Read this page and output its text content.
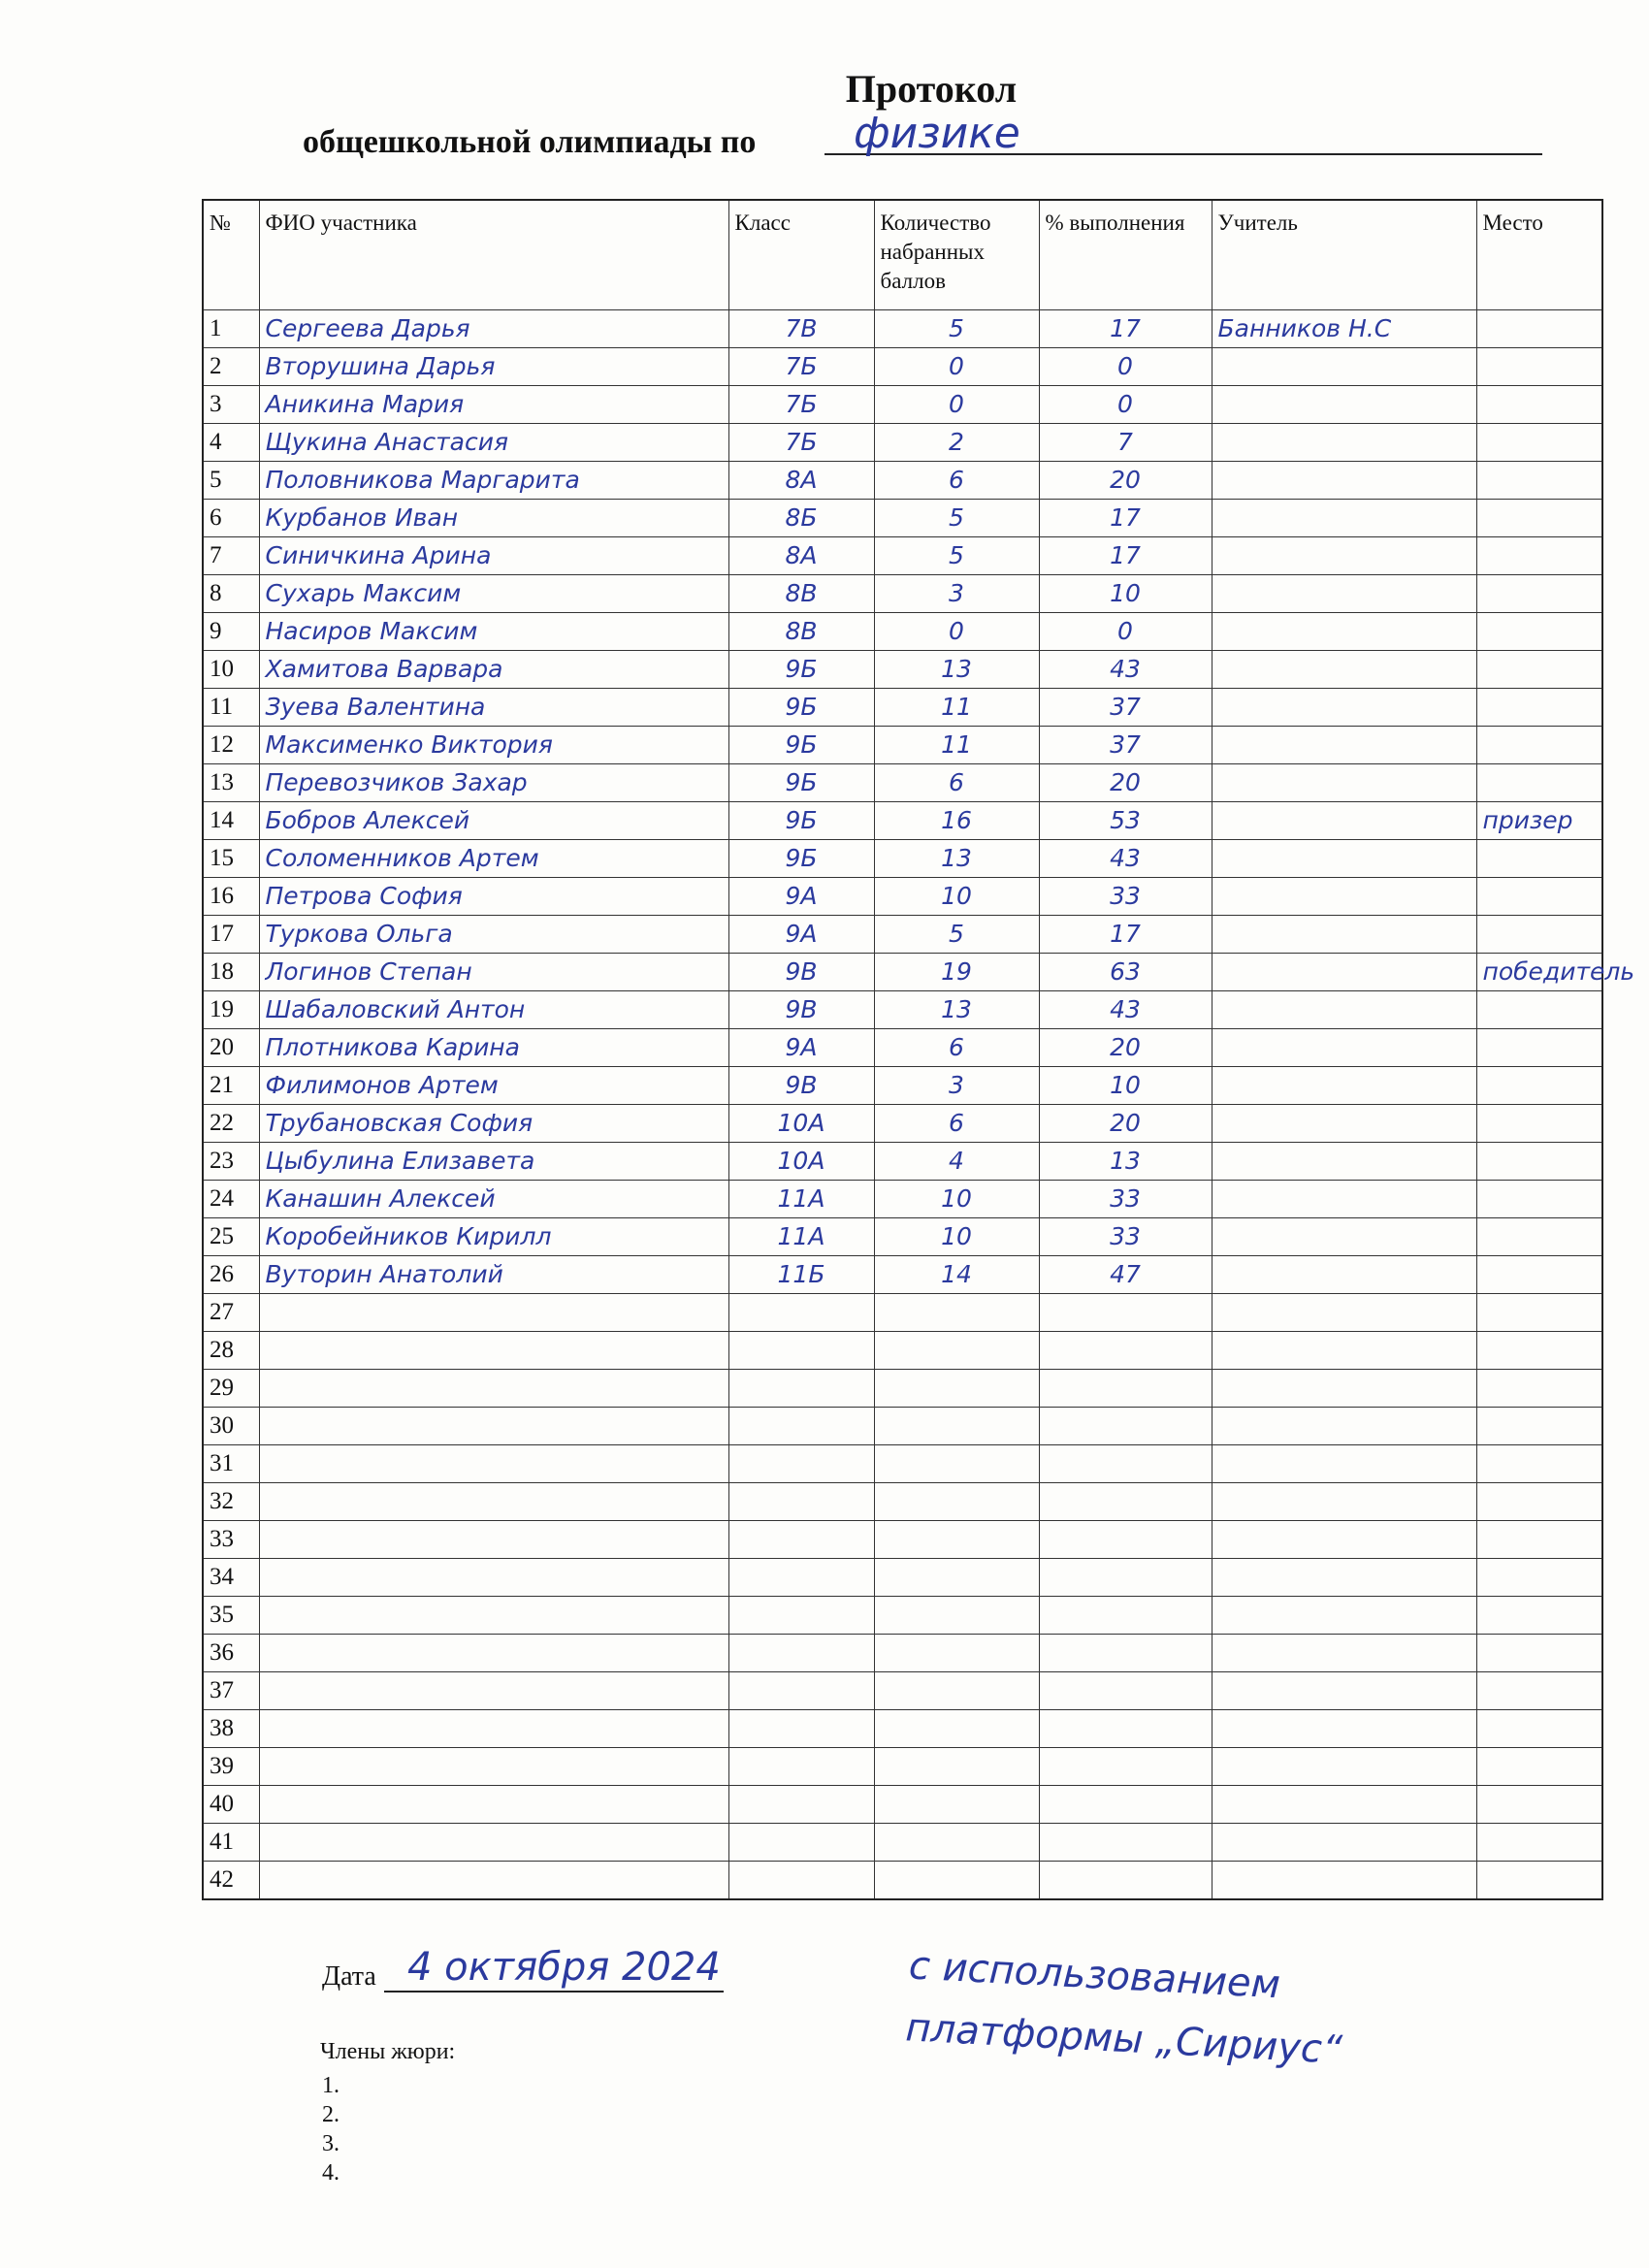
Протокол
общешкольной олимпиады по физике
№	ФИО участника	Класс	Количество набранных баллов	% выполнения	Учитель	Место
1	Сергеева Дарья	7В	5	17	Банников Н.С	
2	Вторушина Дарья	7Б	0	0		
3	Аникина Мария	7Б	0	0		
4	Щукина Анастасия	7Б	2	7		
5	Половникова Маргарита	8А	6	20		
6	Курбанов Иван	8Б	5	17		
7	Синичкина Арина	8А	5	17		
8	Сухарь Максим	8В	3	10		
9	Насиров Максим	8В	0	0		
10	Хамитова Варвара	9Б	13	43		
11	Зуева Валентина	9Б	11	37		
12	Максименко Виктория	9Б	11	37		
13	Перевозчиков Захар	9Б	6	20		
14	Бобров Алексей	9Б	16	53		призер
15	Соломенников Артем	9Б	13	43		
16	Петрова София	9А	10	33		
17	Туркова Ольга	9А	5	17		
18	Логинов Степан	9В	19	63		победитель
19	Шабаловский Антон	9В	13	43		
20	Плотникова Карина	9А	6	20		
21	Филимонов Артем	9В	3	10		
22	Трубановская София	10А	6	20		
23	Цыбулина Елизавета	10А	4	13		
24	Канашин Алексей	11А	10	33		
25	Коробейников Кирилл	11А	10	33		
26	Вуторин Анатолий	11Б	14	47		
27						
28						
29						
30						
31						
32						
33						
34						
35						
36						
37						
38						
39						
40						
41						
42						
Дата 4 октября 2024	с использованием платформы „Сириус“
Члены жюри:
1.
2.
3.
4.
